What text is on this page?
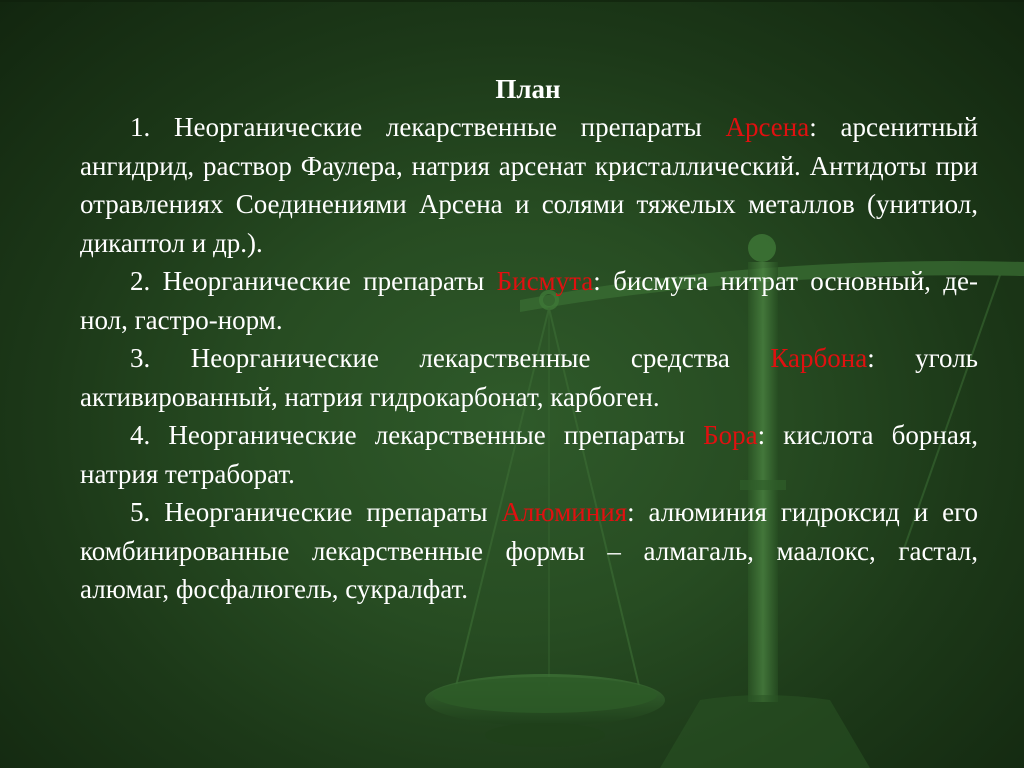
План

1. Неорганические лекарственные препараты Арсена: арсенитный ангидрид, раствор Фаулера, натрия арсенат кристаллический. Антидоты при отравлениях Соединениями Арсена и солями тяжелых металлов (унитиол, дикаптол и др.).

2. Неорганические препараты Бисмута: бисмута нитрат основный, де-нол, гастро-норм.

3. Неорганические лекарственные средства Карбона: уголь активированный, натрия гидрокарбонат, карбоген.

4. Неорганические лекарственные препараты Бора: кислота борная, натрия тетраборат.

5. Неорганические препараты Алюминия: алюминия гидроксид и его комбинированные лекарственные формы – алмагаль, маалокс, гастал, алюмаг, фосфалюгель, сукралфат.
